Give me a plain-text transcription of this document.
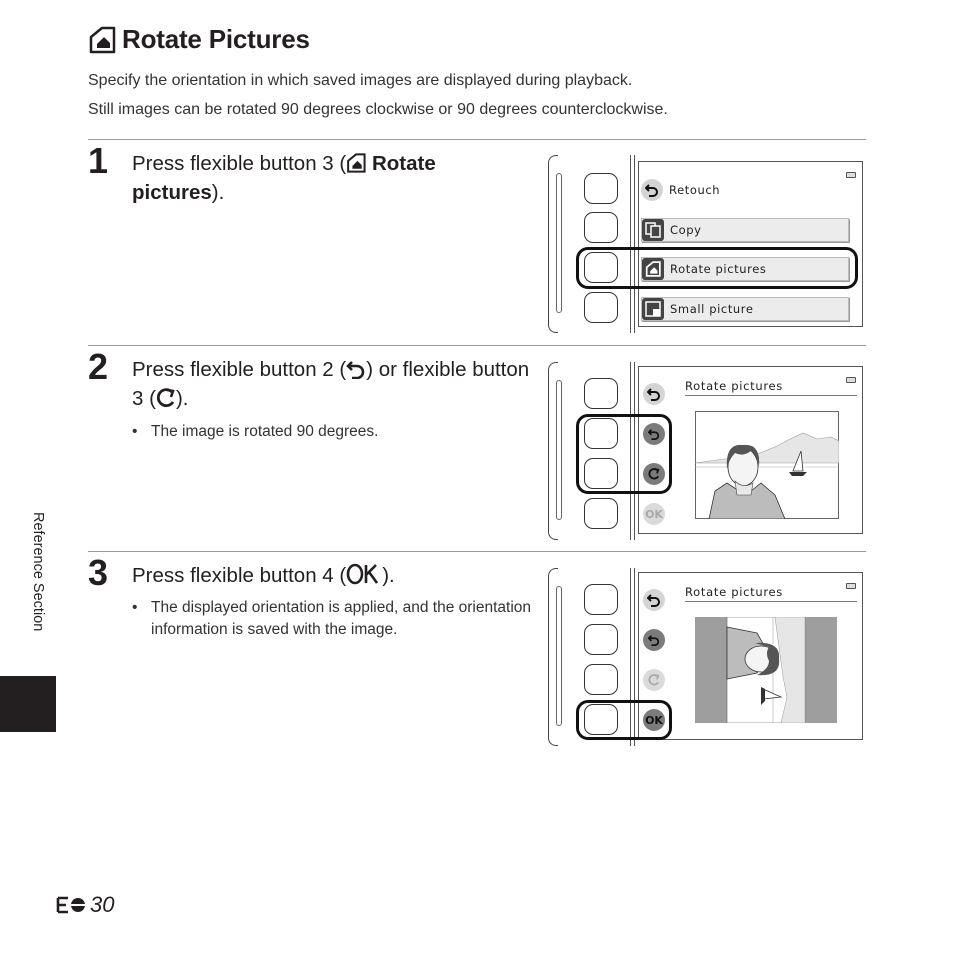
Rotate Pictures
Specify the orientation in which saved images are displayed during playback.
Still images can be rotated 90 degrees clockwise or 90 degrees counterclockwise.
1 Press flexible button 3 ( Rotate pictures).	Retouch
Copy
Rotate pictures
Small picture
2 Press flexible button 2 ( ) or flexible button 3 ( ).
• The image is rotated 90 degrees.
Rotate pictures
OK
3 Press flexible button 4 ( ).
• The displayed orientation is applied, and the orientation information is saved with the image.
Rotate pictures
OK
Reference Section
30
